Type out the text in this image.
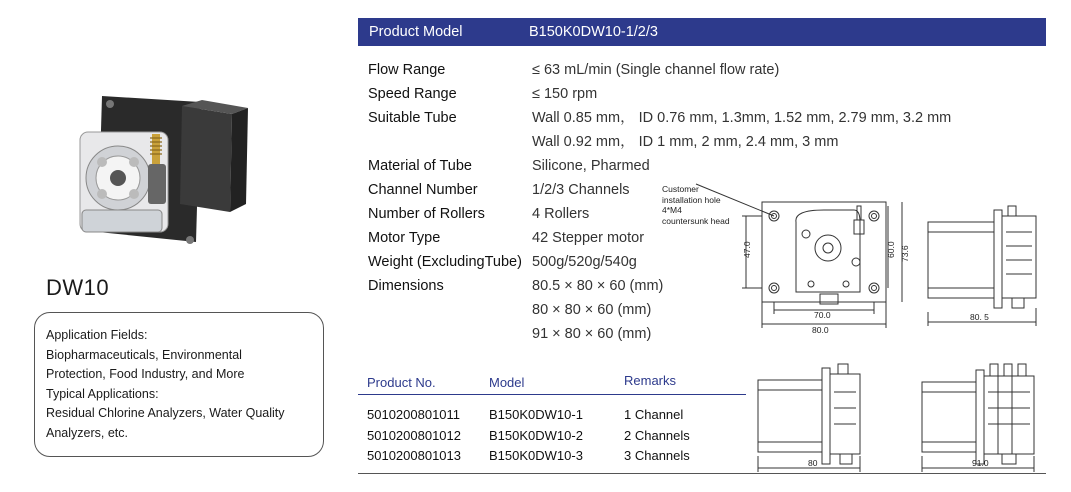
DW10
Application Fields:
Biopharmaceuticals, Environmental
Protection, Food Industry, and More
Typical Applications:
Residual Chlorine Analyzers, Water Quality
Analyzers, etc.
Product Model	B150K0DW10-1/2/3
Flow Range	≤ 63 mL/min (Single channel flow rate)
Speed Range	≤ 150 rpm
Suitable Tube	Wall 0.85 mm， ID 0.76 mm, 1.3mm, 1.52 mm, 2.79 mm, 3.2 mm
Wall 0.92 mm， ID 1 mm, 2 mm, 2.4 mm, 3 mm
Material of Tube	Silicone, Pharmed
Channel Number	1/2/3 Channels
Number of Rollers	4 Rollers
Motor Type	42 Stepper motor
Weight (ExcludingTube) 500g/520g/540g
Dimensions	80.5 × 80 × 60 (mm)
80 × 80 × 60 (mm)
91 × 80 × 60 (mm)
Customer
installation hole
4*M4
countersunk head
47.0	60.0 73.6
70.0
80.0
80. 5
80	91.0
Product No.	Model	Remarks
5010200801011 B150K0DW10-1	1 Channel
5010200801012 B150K0DW10-2	2 Channels
5010200801013 B150K0DW10-3	3 Channels
